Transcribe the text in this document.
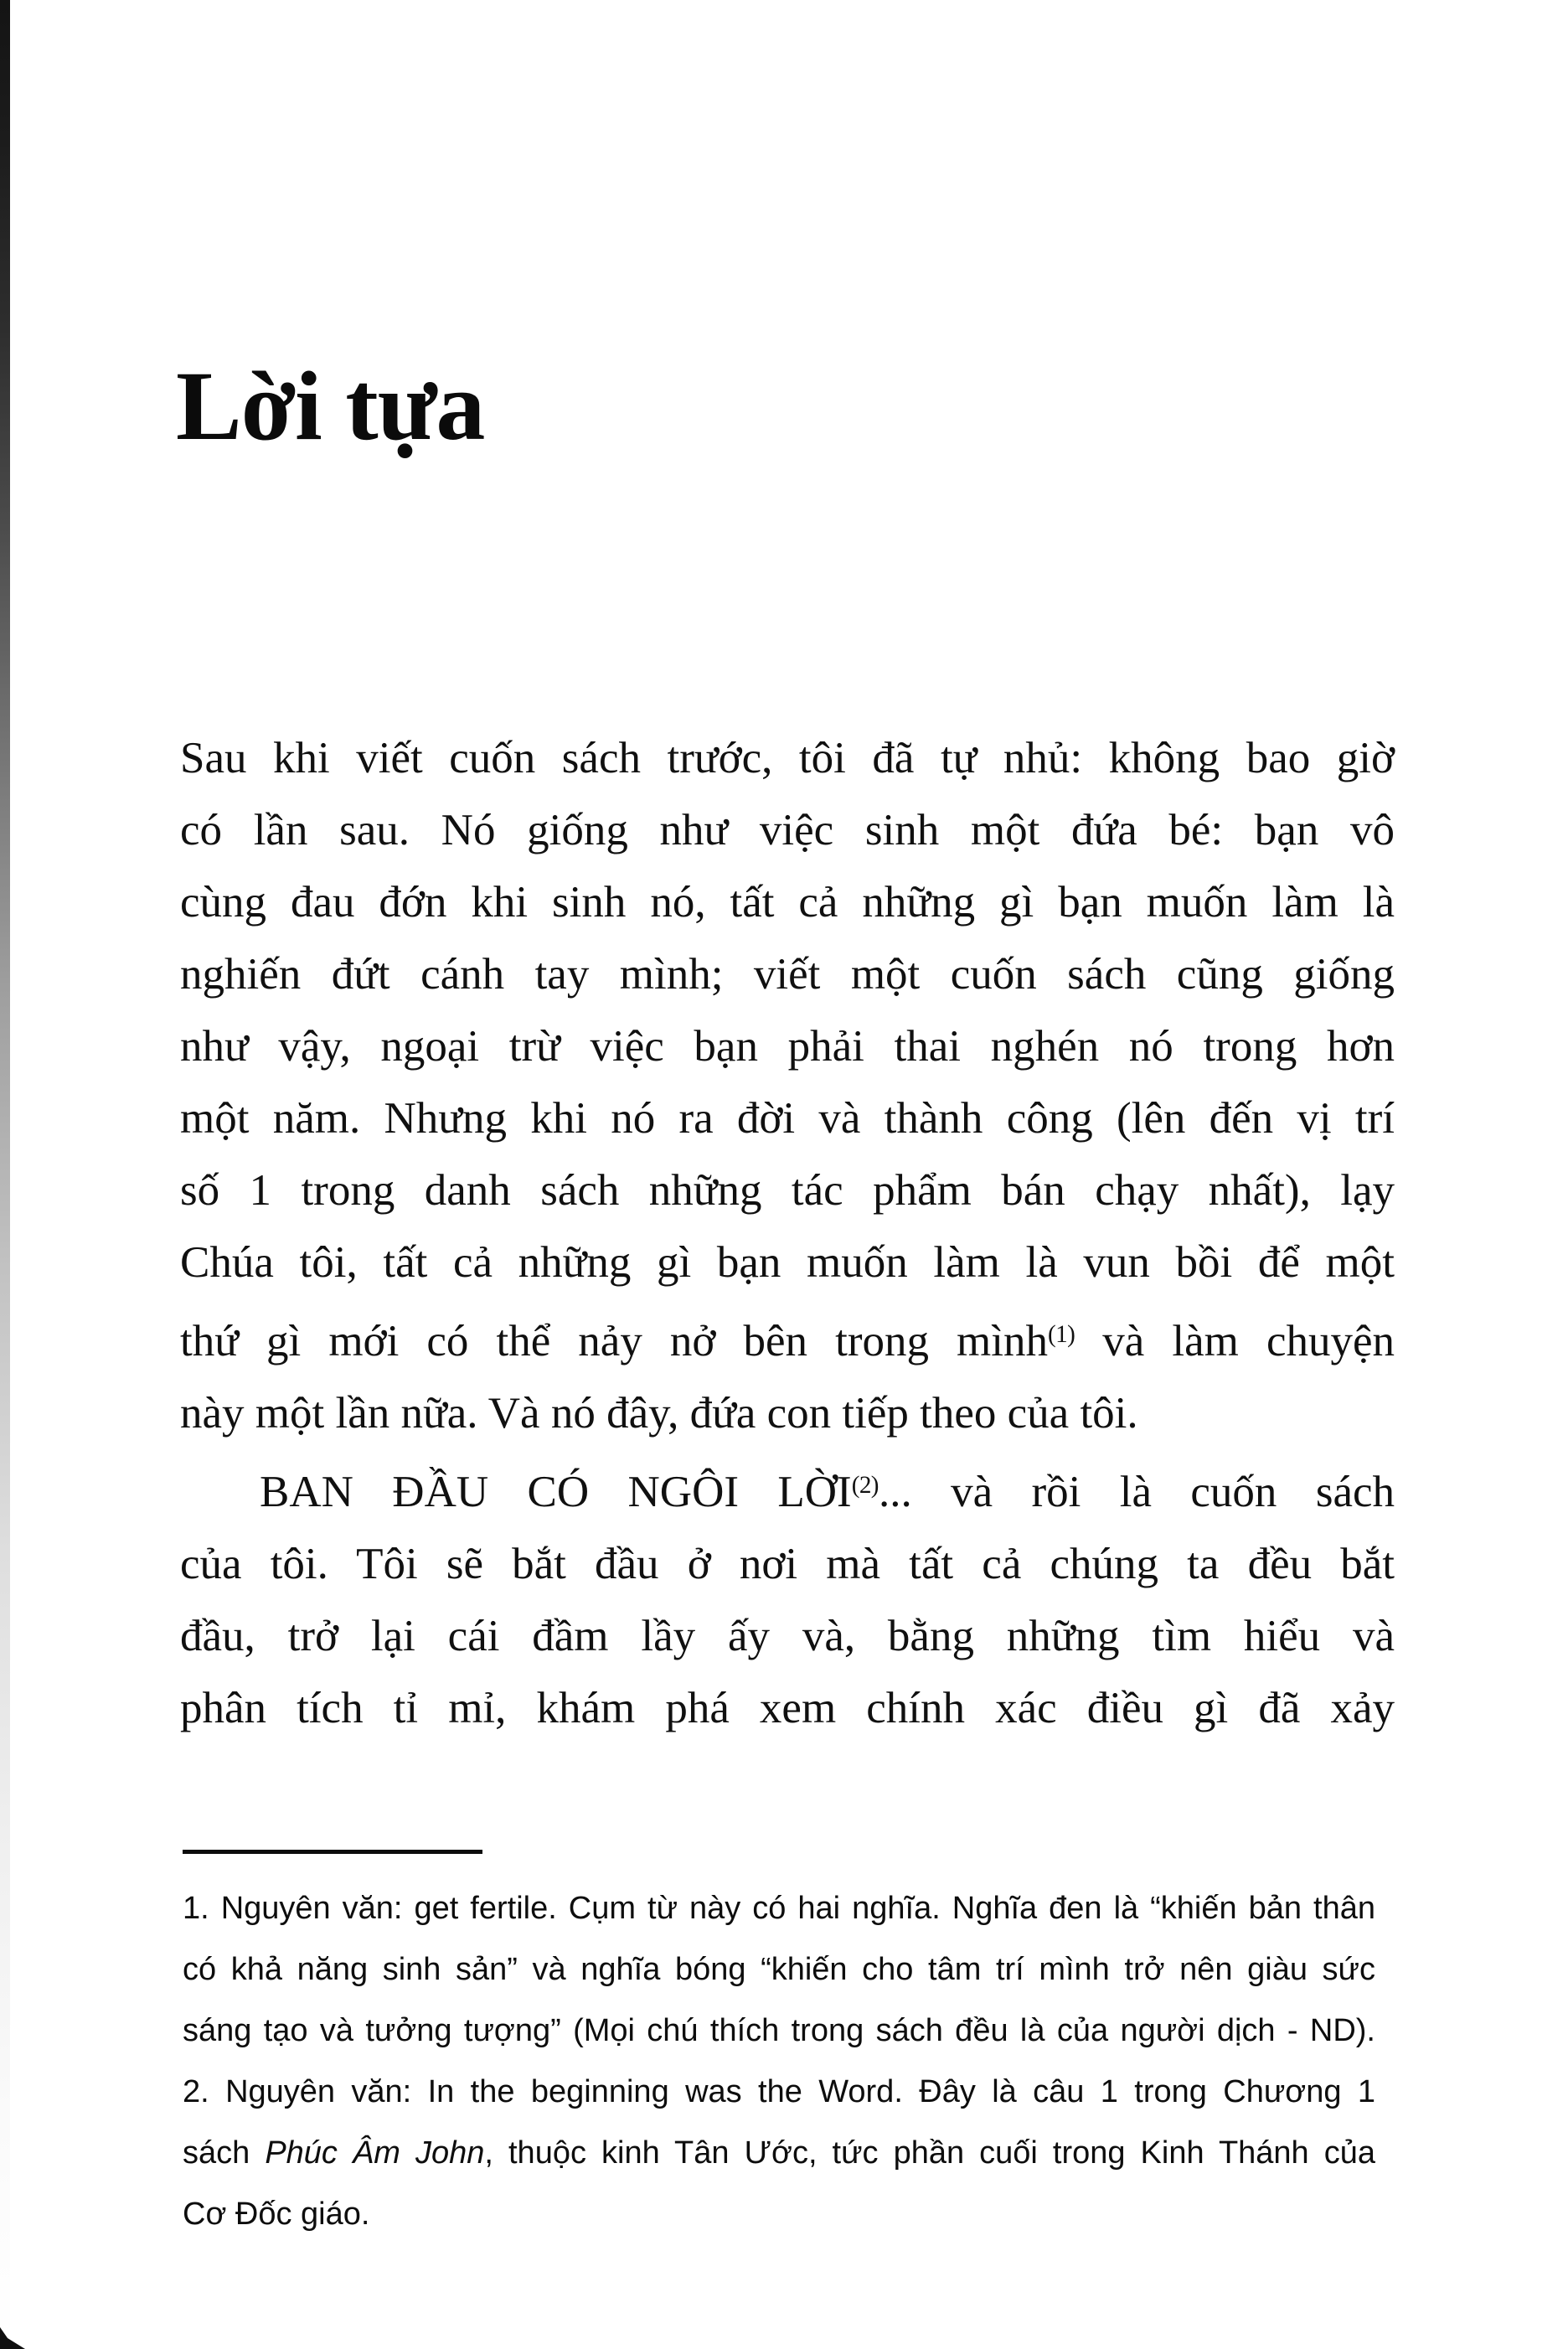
Lời tựa
Sau khi viết cuốn sách trước, tôi đã tự nhủ: không bao giờ
có lần sau. Nó giống như việc sinh một đứa bé: bạn vô
cùng đau đớn khi sinh nó, tất cả những gì bạn muốn làm là
nghiến đứt cánh tay mình; viết một cuốn sách cũng giống
như vậy, ngoại trừ việc bạn phải thai nghén nó trong hơn
một năm. Nhưng khi nó ra đời và thành công (lên đến vị trí
số 1 trong danh sách những tác phẩm bán chạy nhất), lạy
Chúa tôi, tất cả những gì bạn muốn làm là vun bồi để một
thứ gì mới có thể nảy nở bên trong mình$^{(1)}$ và làm chuyện
này một lần nữa. Và nó đây, đứa con tiếp theo của tôi.
BAN ĐẦU CÓ NGÔI LỜI$^{(2)}$... và rồi là cuốn sách
của tôi. Tôi sẽ bắt đầu ở nơi mà tất cả chúng ta đều bắt
đầu, trở lại cái đầm lầy ấy và, bằng những tìm hiểu và
phân tích tỉ mỉ, khám phá xem chính xác điều gì đã xảy
1. Nguyên văn: get fertile. Cụm từ này có hai nghĩa. Nghĩa đen là “khiến bản thân
có khả năng sinh sản” và nghĩa bóng “khiến cho tâm trí mình trở nên giàu sức
sáng tạo và tưởng tượng” (Mọi chú thích trong sách đều là của người dịch - ND).
2. Nguyên văn: In the beginning was the Word. Đây là câu 1 trong Chương 1
sách Phúc Âm John, thuộc kinh Tân Ước, tức phần cuối trong Kinh Thánh của
Cơ Đốc giáo.
